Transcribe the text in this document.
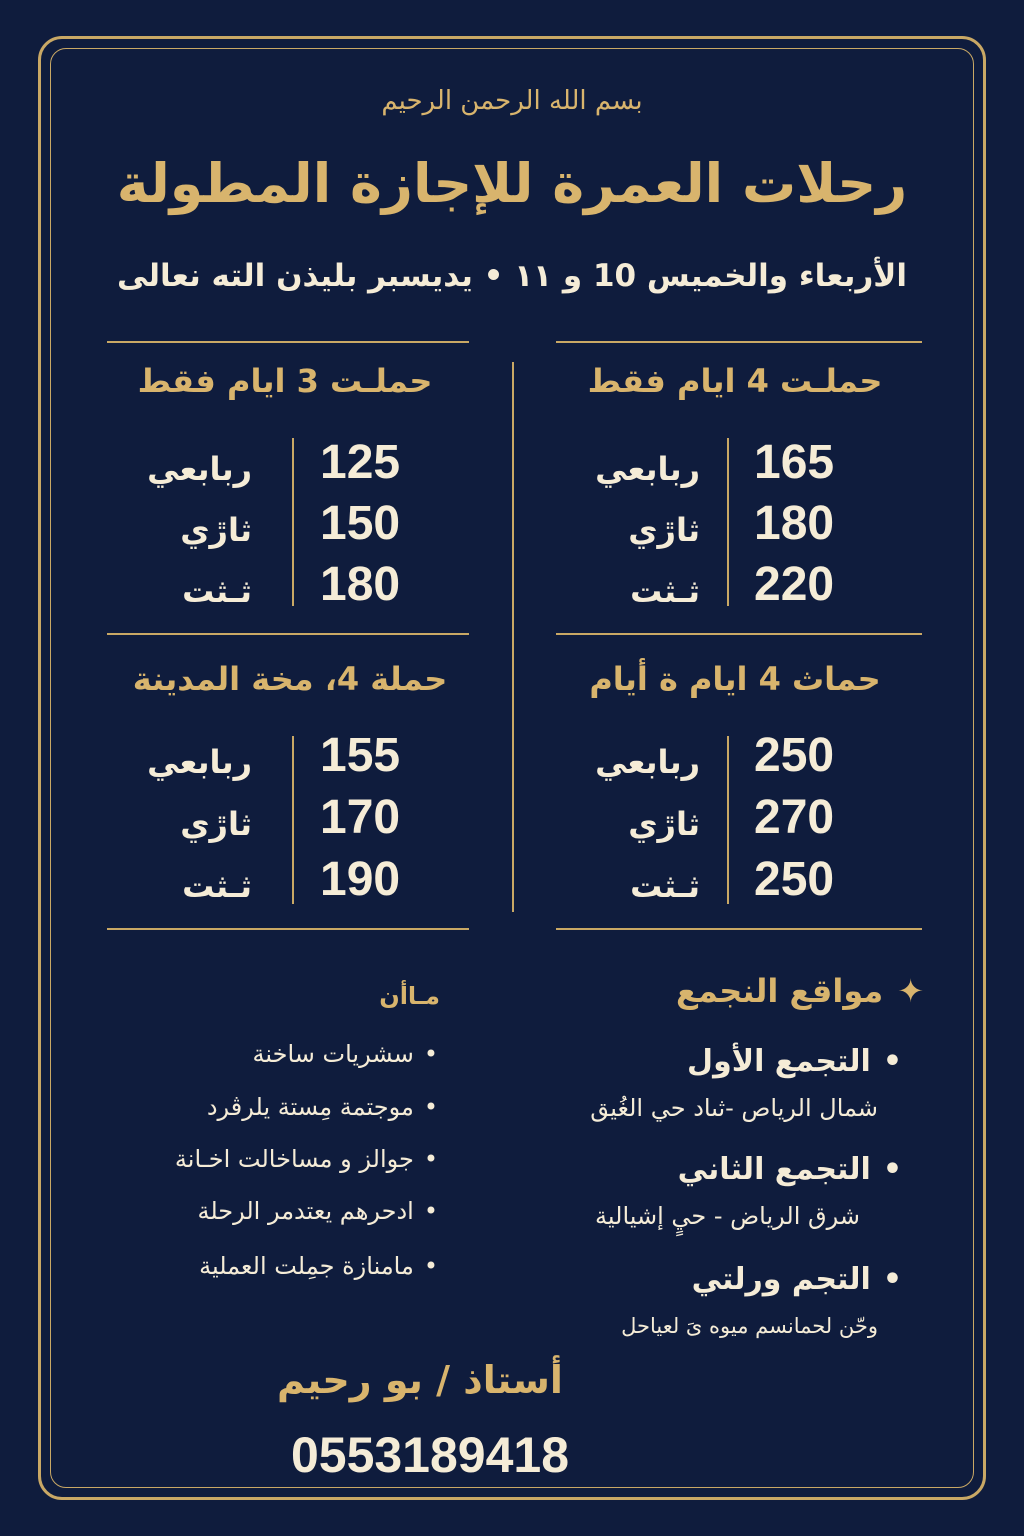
بسم الله الرحمن الرحيم
رحلات العمرة للإجازة المطولة
الأربعاء والخميس 10 و ١١ • يديسبر بليذن الته نعالى
حملـت 4 ايام فقط
165
180
220
ربابعي
ثاڙي
ثـثت
حملـت 3 ايام فقط
125
150
180
ربابعي
ثاڙي
ثـثت
حماث 4 ايام ة أيام
250
270
250
ربابعي
ثاڙي
ثـثت
حملة 4، مخة المدينة
155
170
190
ربابعي
ثاڙي
ثـثت
✦مواقع النجمع
•التجمع الأول
شمال الرياص -ثىاد حي الغُيق
•التجمع الثاني
شرق الرياض - حيٍ إشيالية
•التجم ورلتي
وحّن لحمانسم ميوه ىَ لعياحل
مـاأن
•سشريات ساخنة
•موجتمة مِستة يلرڤرد
•جوالز و مساخالت اخـانة
•ادحرهم يعتدمر الرحلة
•مامنازة جمِلت العملية
أستاذ / بو رحيم
0553189418
